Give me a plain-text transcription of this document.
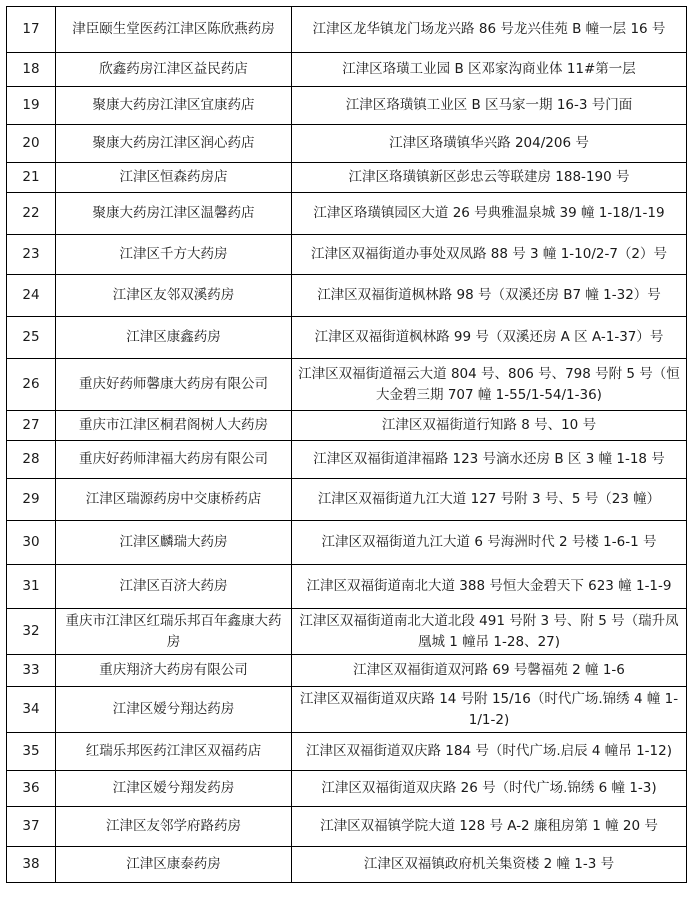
17	津臣颐生堂医药江津区陈欣燕药房	江津区龙华镇龙门场龙兴路 86 号龙兴佳苑 B 幢一层 16 号
18	欣鑫药房江津区益民药店	江津区珞璜工业园 B 区邓家沟商业体 11#第一层
19	聚康大药房江津区宜康药店	江津区珞璜镇工业区 B 区马家一期 16-3 号门面
20	聚康大药房江津区润心药店	江津区珞璜镇华兴路 204/206 号
21	江津区恒森药房店	江津区珞璜镇新区彭忠云等联建房 188-190 号
22	聚康大药房江津区温馨药店	江津区珞璜镇园区大道 26 号典雅温泉城 39 幢 1-18/1-19
23	江津区千方大药房	江津区双福街道办事处双凤路 88 号 3 幢 1-10/2-7（2）号
24	江津区友邻双溪药房	江津区双福街道枫林路 98 号（双溪还房 B7 幢 1-32）号
25	江津区康鑫药房	江津区双福街道枫林路 99 号（双溪还房 A 区 A-1-37）号
26	重庆好药师馨康大药房有限公司	江津区双福街道福云大道 804 号、806 号、798 号附 5 号（恒大金碧三期 707 幢 1-55/1-54/1-36)
27	重庆市江津区桐君阁树人大药房	江津区双福街道行知路 8 号、10 号
28	重庆好药师津福大药房有限公司	江津区双福街道津福路 123 号滴水还房 B 区 3 幢 1-18 号
29	江津区瑞源药房中交康桥药店	江津区双福街道九江大道 127 号附 3 号、5 号（23 幢）
30	江津区麟瑞大药房	江津区双福街道九江大道 6 号海洲时代 2 号楼 1-6-1 号
31	江津区百济大药房	江津区双福街道南北大道 388 号恒大金碧天下 623 幢 1-1-9
32	重庆市江津区红瑞乐邦百年鑫康大药房	江津区双福街道南北大道北段 491 号附 3 号、附 5 号（瑞升凤凰城 1 幢吊 1-28、27)
33	重庆翔济大药房有限公司	江津区双福街道双河路 69 号馨福苑 2 幢 1-6
34	江津区嫒兮翔达药房	江津区双福街道双庆路 14 号附 15/16（时代广场.锦绣 4 幢 1-1/1-2)
35	红瑞乐邦医药江津区双福药店	江津区双福街道双庆路 184 号（时代广场.启辰 4 幢吊 1-12)
36	江津区嫒兮翔发药房	江津区双福街道双庆路 26 号（时代广场.锦绣 6 幢 1-3)
37	江津区友邻学府路药房	江津区双福镇学院大道 128 号 A-2 廉租房第 1 幢 20 号
38	江津区康泰药房	江津区双福镇政府机关集资楼 2 幢 1-3 号
